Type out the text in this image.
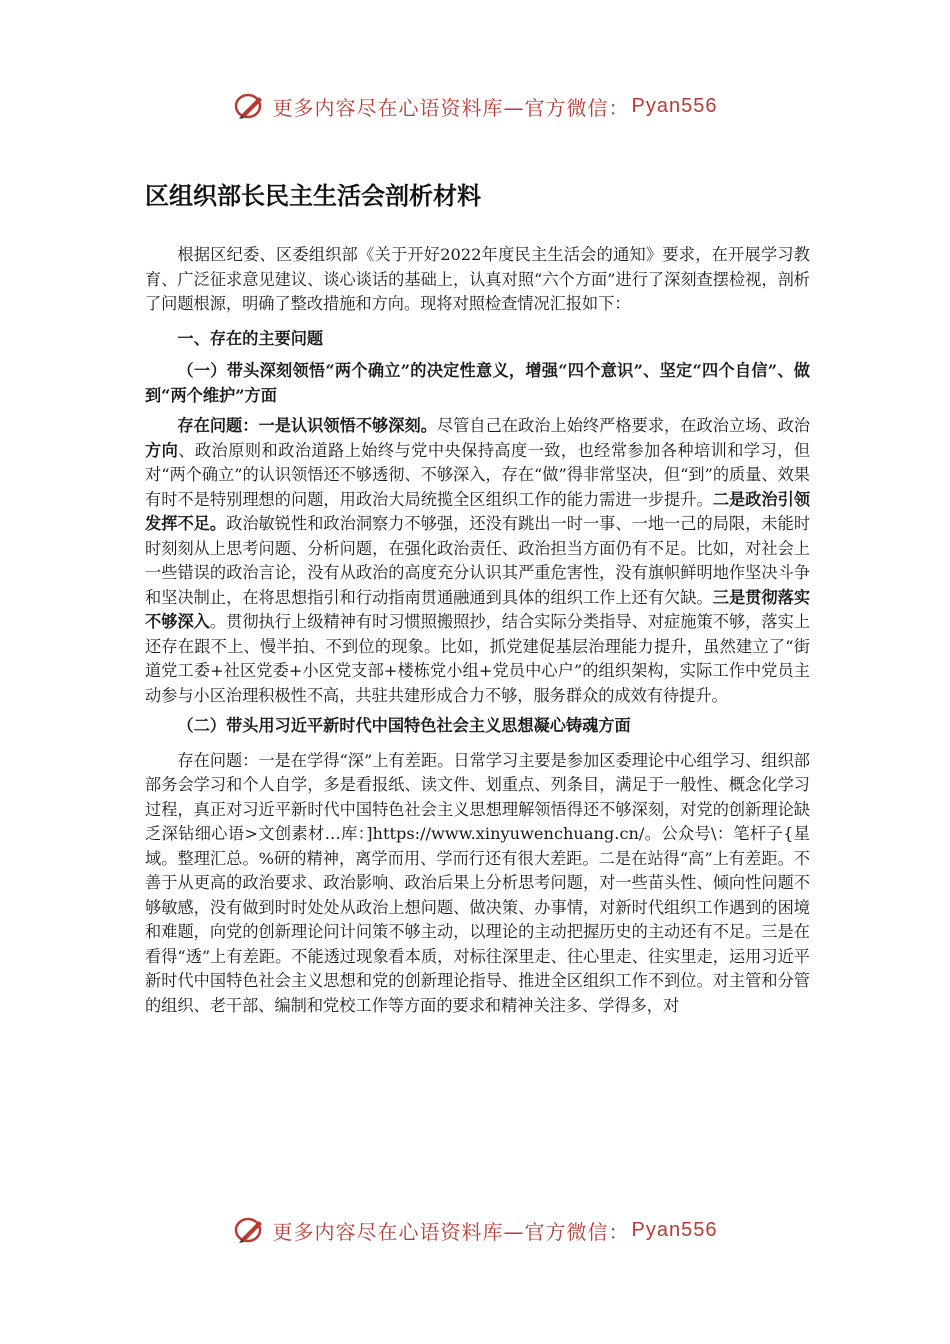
更多内容尽在心语资料库—官方微信： Pyan556
区组织部长民主生活会剖析材料

根据区纪委、区委组织部《关于开好2022年度民主生活会的通知》要求，在开展学习教育、广泛征求意见建议、谈心谈话的基础上，认真对照“六个方面”进行了深刻查摆检视，剖析了问题根源，明确了整改措施和方向。现将对照检查情况汇报如下：

一、存在的主要问题

（一）带头深刻领悟“两个确立”的决定性意义，增强“四个意识”、坚定“四个自信”、做到“两个维护”方面

存在问题：一是认识领悟不够深刻。尽管自己在政治上始终严格要求，在政治立场、政治方向、政治原则和政治道路上始终与党中央保持高度一致，也经常参加各种培训和学习，但对“两个确立”的认识领悟还不够透彻、不够深入，存在“做”得非常坚决，但“到”的质量、效果有时不是特别理想的问题，用政治大局统揽全区组织工作的能力需进一步提升。二是政治引领发挥不足。政治敏锐性和政治洞察力不够强，还没有跳出一时一事、一地一己的局限，未能时时刻刻从上思考问题、分析问题，在强化政治责任、政治担当方面仍有不足。比如，对社会上一些错误的政治言论，没有从政治的高度充分认识其严重危害性，没有旗帜鲜明地作坚决斗争和坚决制止，在将思想指引和行动指南贯通融通到具体的组织工作上还有欠缺。三是贯彻落实不够深入。贯彻执行上级精神有时习惯照搬照抄，结合实际分类指导、对症施策不够，落实上还存在跟不上、慢半拍、不到位的现象。比如，抓党建促基层治理能力提升，虽然建立了“街道党工委+社区党委+小区党支部+楼栋党小组+党员中心户”的组织架构，实际工作中党员主动参与小区治理积极性不高，共驻共建形成合力不够，服务群众的成效有待提升。

（二）带头用习近平新时代中国特色社会主义思想凝心铸魂方面

存在问题：一是在学得“深”上有差距。日常学习主要是参加区委理论中心组学习、组织部部务会学习和个人自学，多是看报纸、读文件、划重点、列条目，满足于一般性、概念化学习过程，真正对习近平新时代中国特色社会主义思想理解领悟得还不够深刻，对党的创新理论缺乏深钻细心语>文创素材…库：]https://www.xinyuwenchuang.cn/。公众号\：笔杆子{星域。整理汇总。%研的精神，离学而用、学而行还有很大差距。二是在站得“高”上有差距。不善于从更高的政治要求、政治影响、政治后果上分析思考问题，对一些苗头性、倾向性问题不够敏感，没有做到时时处处从政治上想问题、做决策、办事情，对新时代组织工作遇到的困境和难题，向党的创新理论问计问策不够主动，以理论的主动把握历史的主动还有不足。三是在看得“透”上有差距。不能透过现象看本质，对标往深里走、往心里走、往实里走，运用习近平新时代中国特色社会主义思想和党的创新理论指导、推进全区组织工作不到位。对主管和分管的组织、老干部、编制和党校工作等方面的要求和精神关注多、学得多，对

更多内容尽在心语资料库—官方微信： Pyan556
